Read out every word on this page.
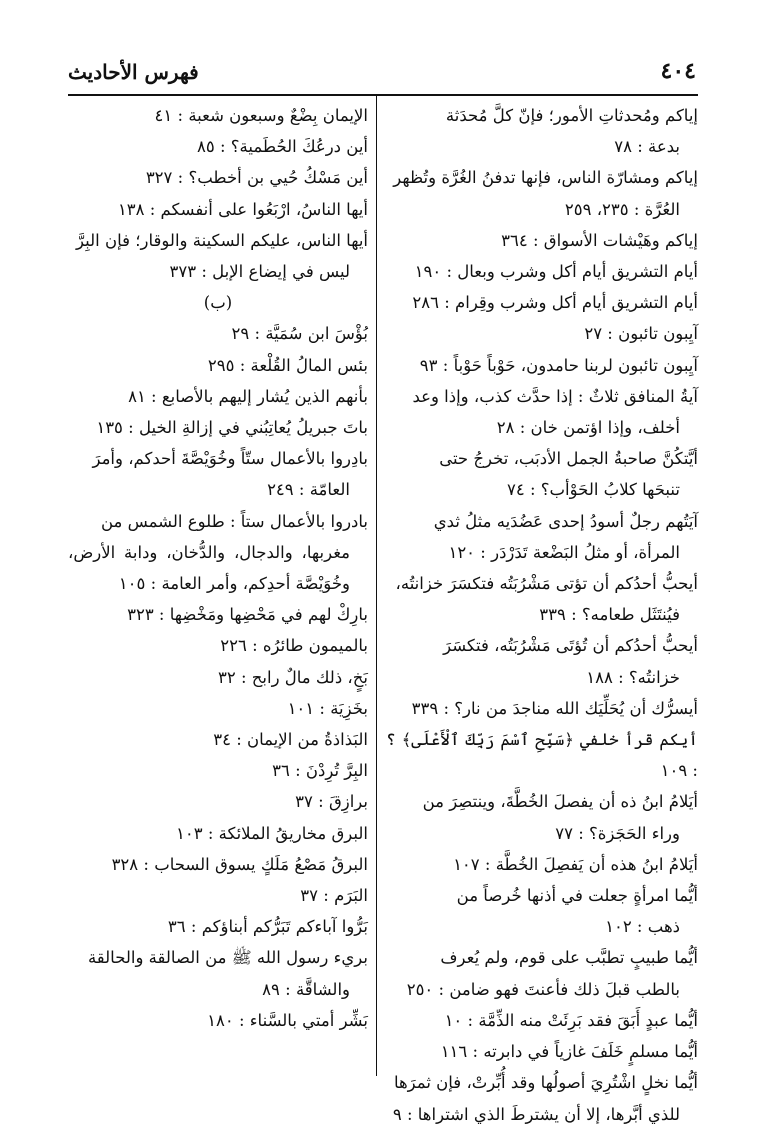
٤٠٤
فهرس الأحاديث

إياكم ومُحدثاتِ الأمور؛ فإنّ كلَّ مُحدَثة
بدعة : ٧٨

إياكم ومشارّة الناس، فإنها تدفنُ الغُرَّة وتُظهر
العُرَّة : ٢٣٥، ٢٥٩

إياكم وهَيْشات الأسواق : ٣٦٤

أيام التشريق أيام أكل وشرب وبعال : ١٩٠

أيام التشريق أيام أكل وشرب وقِرام : ٢٨٦

آيِبون تائبون : ٢٧

آيِبون تائبون لربنا حامدون، حَوْباً حَوْباً : ٩٣

آيةُ المنافق ثلاثٌ : إذا حدَّث كذب، وإذا وعد
أخلف، وإذا اؤتمن خان : ٢٨

أيَّتكُنَّ صاحبةُ الجمل الأدبَب، تخرجُ حتى
تنبحَها كلابُ الحَوْأب؟ : ٧٤

آيَتُهم رجلٌ أسودُ إحدى عَضُدَيه مثلُ ثدي
المرأة، أو مثلُ البَضْعة تَدَرْدَر : ١٢٠

أيحبُّ أحدُكم أن تؤتى مَشْرُبَتُه فتكسَرَ خزانتُه،
فيُنتَثَل طعامه؟ : ٣٣٩

أيحبُّ أحدُكم أن تُؤتَى مَشْرُبَتُه، فتكسَرَ
خزانتُه؟ : ١٨٨

أيسرُّك أن يُحَلِّيَك الله مناجدَ من نار؟ : ٣٣٩

أيكم قرأ خلفي ﴿سَبِّحِ ٱسْمَ رَبِّكَ ٱلْأَعْلَى﴾ ؟ : ١٠٩

أيَلامُ ابنُ ذه أن يفصلَ الخُطَّةَ، وينتصِرَ من
وراء الحَجَزة؟ : ٧٧

أيَلامُ ابنُ هذه أن يَفصِلَ الخُطَّة : ١٠٧

أيُّما امرأةٍ جعلت في أذنها خُرصاً من
ذهب : ١٠٢

أيُّما طبيبٍ تطبَّب على قوم، ولم يُعرف
بالطب قبلَ ذلك فأعنتَ فهو ضامن : ٢٥٠

أيُّما عبدٍ أَبَقَ فقد بَرِئَتْ منه الذِّمَّة : ١٠

أيُّما مسلمٍ خَلَفَ غازياً في دابرته : ١١٦

أيُّما نخلٍ اشْتُرِيَ أصولُها وقد أُبِّرتْ، فإن ثمرَها
للذي أبَّرها، إلا أن يشترطَ الذي اشتراها : ٩

الإيمان بِضْعٌ وسبعون شعبة : ٤١

أين درعُكَ الحُطَمية؟ : ٨٥

أين مَسْكُ حُيي بن أخطب؟ : ٣٢٧

أيها الناسُ، ارْبَعُوا على أنفسكم : ١٣٨

أيها الناس، عليكم السكينة والوقار؛ فإن البِرَّ
ليس في إيضاع الإبل : ٣٧٣

(ب)

بُؤْسَ ابن سُمَيَّة : ٢٩

بئس المالُ القُلْعة : ٢٩٥

بأنهم الذين يُشار إليهم بالأصابع : ٨١

باتَ جبريلُ يُعاتِبُني في إزالةِ الخيل : ١٣٥

بادِروا بالأعمال ستّاً وخُوَيْصَّةَ أحدكم، وأمرَ
العامّة : ٢٤٩

بادروا بالأعمال ستاً : طلوع الشمس من
مغربها، والدجال، والدُّخان، ودابة الأرض، وخُوَيْصَّة أحدِكم، وأمر العامة : ١٠٥

بارِكْ لهم في مَحْضِها ومَخْضِها : ٣٢٣

بالميمون طائرُه : ٢٢٦

بَخٍ، ذلك مالٌ رابح : ٣٢

بخَزِيَة : ١٠١

البَذاذةُ من الإيمان : ٣٤

البِرَّ تُرِدْنَ : ٣٦

برازِقَ : ٣٧

البرق مخاريقُ الملائكة : ١٠٣

البرقُ مَصْعُ مَلَكٍ يسوق السحاب : ٣٢٨

البَرَم : ٣٧

بَرُّوا آباءكم تَبَرُّكم أبناؤكم : ٣٦

بريء رسول الله ﷺ من الصالقة والحالقة
والشاقَّة : ٨٩

بَشِّر أمتي بالسَّناء : ١٨٠
